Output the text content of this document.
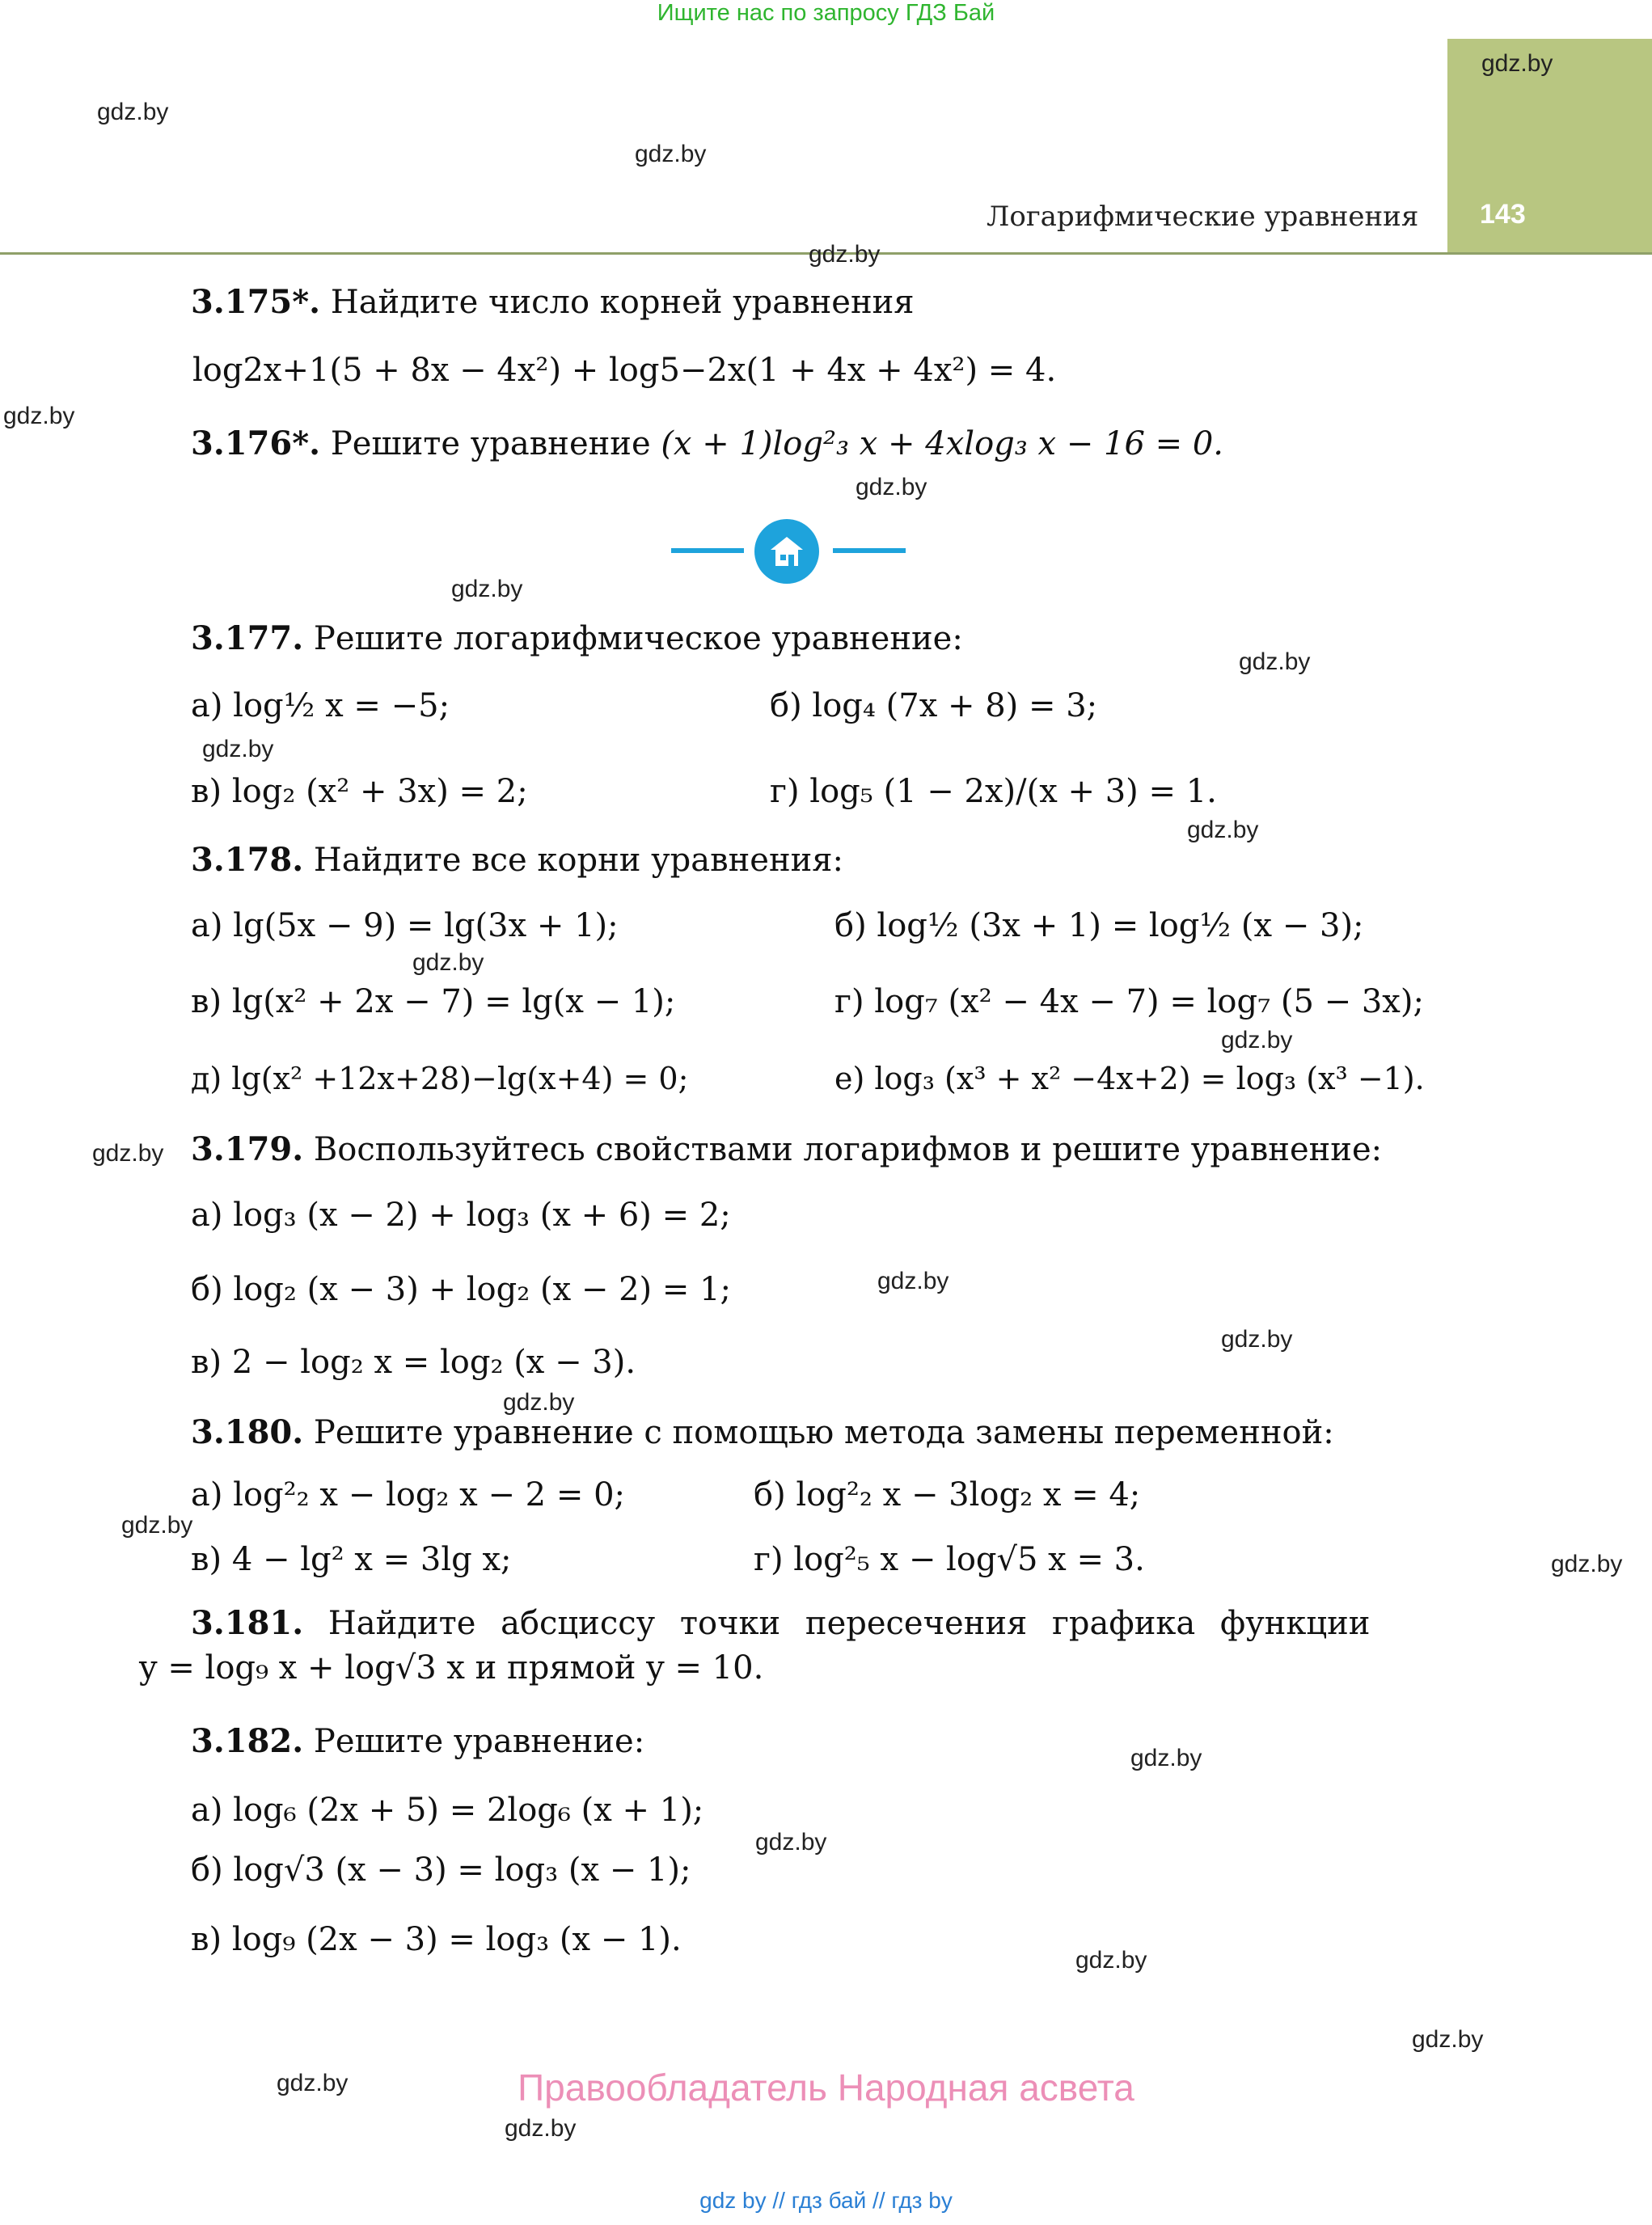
Ищите нас по запросу ГДЗ Бай
143
Логарифмические уравнения
gdz.by
gdz.by
gdz.by
gdz.by
gdz.by
gdz.by
gdz.by
gdz.by
gdz.by
gdz.by
gdz.by
gdz.by
gdz.by
gdz.by
gdz.by
gdz.by
gdz.by
gdz.by
gdz.by
gdz.by
gdz.by
gdz.by
gdz.by
gdz.by
3.175*. Найдите число корней уравнения
log2x+1(5 + 8x − 4x²) + log5−2x(1 + 4x + 4x²) = 4.
3.176*. Решите уравнение (x + 1)log²₃ x + 4xlog₃ x − 16 = 0.
3.177. Решите логарифмическое уравнение:
а) log½ x = −5;	б) log₄ (7x + 8) = 3;
в) log₂ (x² + 3x) = 2;	г) log₅ (1 − 2x)/(x + 3) = 1.
3.178. Найдите все корни уравнения:
а) lg(5x − 9) = lg(3x + 1);	б) log½ (3x + 1) = log½ (x − 3);
в) lg(x² + 2x − 7) = lg(x − 1);	г) log₇ (x² − 4x − 7) = log₇ (5 − 3x);
д) lg(x² +12x+28)−lg(x+4) = 0;	е) log₃ (x³ + x² −4x+2) = log₃ (x³ −1).
3.179. Воспользуйтесь свойствами логарифмов и решите уравнение:
а) log₃ (x − 2) + log₃ (x + 6) = 2;
б) log₂ (x − 3) + log₂ (x − 2) = 1;
в) 2 − log₂ x = log₂ (x − 3).
3.180. Решите уравнение с помощью метода замены переменной:
а) log²₂ x − log₂ x − 2 = 0;	б) log²₂ x − 3log₂ x = 4;
в) 4 − lg² x = 3lg x;	г) log²₅ x − log√5 x = 3.
3.181. Найдите абсциссу точки пересечения графика функции
y = log₉ x + log√3 x и прямой y = 10.
3.182. Решите уравнение:
а) log₆ (2x + 5) = 2log₆ (x + 1);
б) log√3 (x − 3) = log₃ (x − 1);
в) log₉ (2x − 3) = log₃ (x − 1).
Правообладатель Народная асвета
gdz by // гдз бай // гдз by
